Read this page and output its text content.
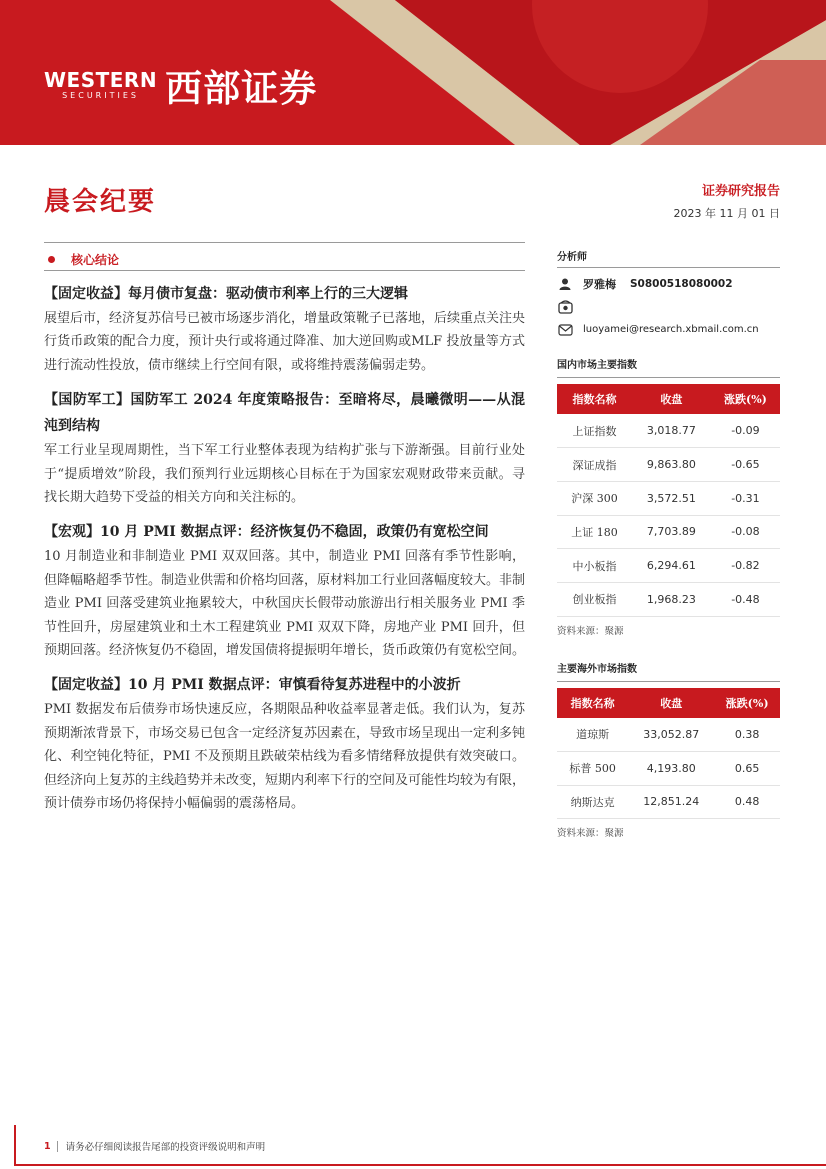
WESTERN
SECURITIES 西部证券
晨会纪要	证券研究报告
2023 年 11 月 01 日
核心结论
【固定收益】每月债市复盘：驱动债市利率上行的三大逻辑
展望后市，经济复苏信号已被市场逐步消化，增量政策靴子已落地，后续重点关注央行货币政策的配合力度，预计央行或将通过降准、加大逆回购或MLF 投放量等方式进行流动性投放，债市继续上行空间有限，或将维持震荡偏弱走势。
【国防军工】国防军工 2024 年度策略报告：至暗将尽，晨曦微明——从混沌到结构
军工行业呈现周期性，当下军工行业整体表现为结构扩张与下游渐强。目前行业处于“提质增效”阶段，我们预判行业远期核心目标在于为国家宏观财政带来贡献。寻找长期大趋势下受益的相关方向和关注标的。
【宏观】10 月 PMI 数据点评：经济恢复仍不稳固，政策仍有宽松空间
10 月制造业和非制造业 PMI 双双回落。其中，制造业 PMI 回落有季节性影响，但降幅略超季节性。制造业供需和价格均回落，原材料加工行业回落幅度较大。非制造业 PMI 回落受建筑业拖累较大，中秋国庆长假带动旅游出行相关服务业 PMI 季节性回升，房屋建筑业和土木工程建筑业 PMI 双双下降，房地产业 PMI 回升，但预期回落。经济恢复仍不稳固，增发国债将提振明年增长，货币政策仍有宽松空间。
【固定收益】10 月 PMI 数据点评：审慎看待复苏进程中的小波折
PMI 数据发布后债券市场快速反应，各期限品种收益率显著走低。我们认为，复苏预期渐浓背景下，市场交易已包含一定经济复苏因素在，导致市场呈现出一定利多钝化、利空钝化特征，PMI 不及预期且跌破荣枯线为看多情绪释放提供有效突破口。但经济向上复苏的主线趋势并未改变，短期内利率下行的空间及可能性均较为有限，预计债券市场仍将保持小幅偏弱的震荡格局。
分析师
罗雅梅 S0800518080002
luoyamei@research.xbmail.com.cn
国内市场主要指数
指数名称	收盘	涨跌(%)
上证指数	3,018.77	-0.09
深证成指	9,863.80	-0.65
沪深 300	3,572.51	-0.31
上证 180	7,703.89	-0.08
中小板指	6,294.61	-0.82
创业板指	1,968.23	-0.48
资料来源：聚源
主要海外市场指数
指数名称	收盘	涨跌(%)
道琼斯	33,052.87	0.38
标普 500	4,193.80	0.65
纳斯达克	12,851.24	0.48
资料来源：聚源
1 请务必仔细阅读报告尾部的投资评级说明和声明
